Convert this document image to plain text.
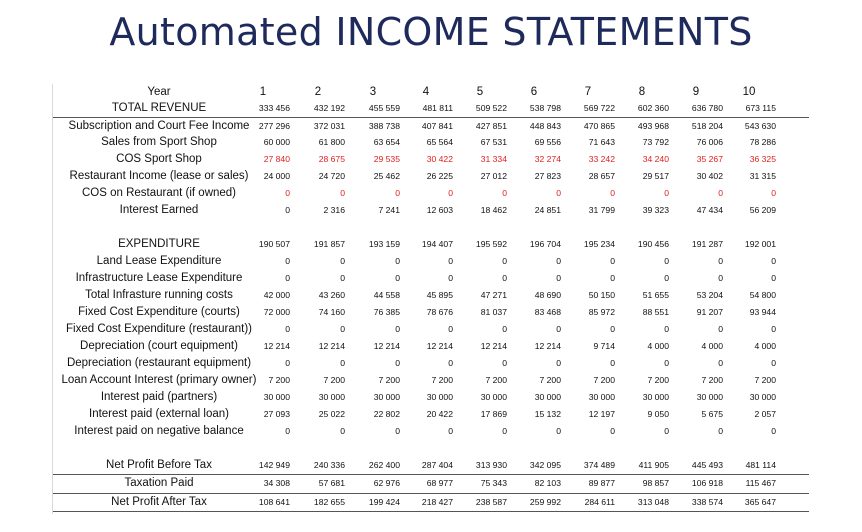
Automated INCOME STATEMENTS
Year	1	2	3	4	5	6	7	8	9	10
TOTAL REVENUE	333 456	432 192	455 559	481 811	509 522	538 798	569 722	602 360	636 780	673 115
Subscription and Court Fee Income	277 296	372 031	388 738	407 841	427 851	448 843	470 865	493 968	518 204	543 630
Sales from Sport Shop	60 000	61 800	63 654	65 564	67 531	69 556	71 643	73 792	76 006	78 286
COS Sport Shop	27 840	28 675	29 535	30 422	31 334	32 274	33 242	34 240	35 267	36 325
Restaurant Income (lease or sales)	24 000	24 720	25 462	26 225	27 012	27 823	28 657	29 517	30 402	31 315
COS on Restaurant (if owned)	0	0	0	0	0	0	0	0	0	0
Interest Earned	0	2 316	7 241	12 603	18 462	24 851	31 799	39 323	47 434	56 209
EXPENDITURE	190 507	191 857	193 159	194 407	195 592	196 704	195 234	190 456	191 287	192 001
Land Lease Expenditure	0	0	0	0	0	0	0	0	0	0
Infrastructure Lease Expenditure	0	0	0	0	0	0	0	0	0	0
Total Infrasture running costs	42 000	43 260	44 558	45 895	47 271	48 690	50 150	51 655	53 204	54 800
Fixed Cost Expenditure (courts)	72 000	74 160	76 385	78 676	81 037	83 468	85 972	88 551	91 207	93 944
Fixed Cost Expenditure (restaurant))	0	0	0	0	0	0	0	0	0	0
Depreciation (court equipment)	12 214	12 214	12 214	12 214	12 214	12 214	9 714	4 000	4 000	4 000
Depreciation (restaurant equipment)	0	0	0	0	0	0	0	0	0	0
Loan Account Interest (primary owner)	7 200	7 200	7 200	7 200	7 200	7 200	7 200	7 200	7 200	7 200
Interest paid (partners)	30 000	30 000	30 000	30 000	30 000	30 000	30 000	30 000	30 000	30 000
Interest paid (external loan)	27 093	25 022	22 802	20 422	17 869	15 132	12 197	9 050	5 675	2 057
Interest paid on negative balance	0	0	0	0	0	0	0	0	0	0
Net Profit Before Tax	142 949	240 336	262 400	287 404	313 930	342 095	374 489	411 905	445 493	481 114
Taxation Paid	34 308	57 681	62 976	68 977	75 343	82 103	89 877	98 857	106 918	115 467
Net Profit After Tax	108 641	182 655	199 424	218 427	238 587	259 992	284 611	313 048	338 574	365 647
